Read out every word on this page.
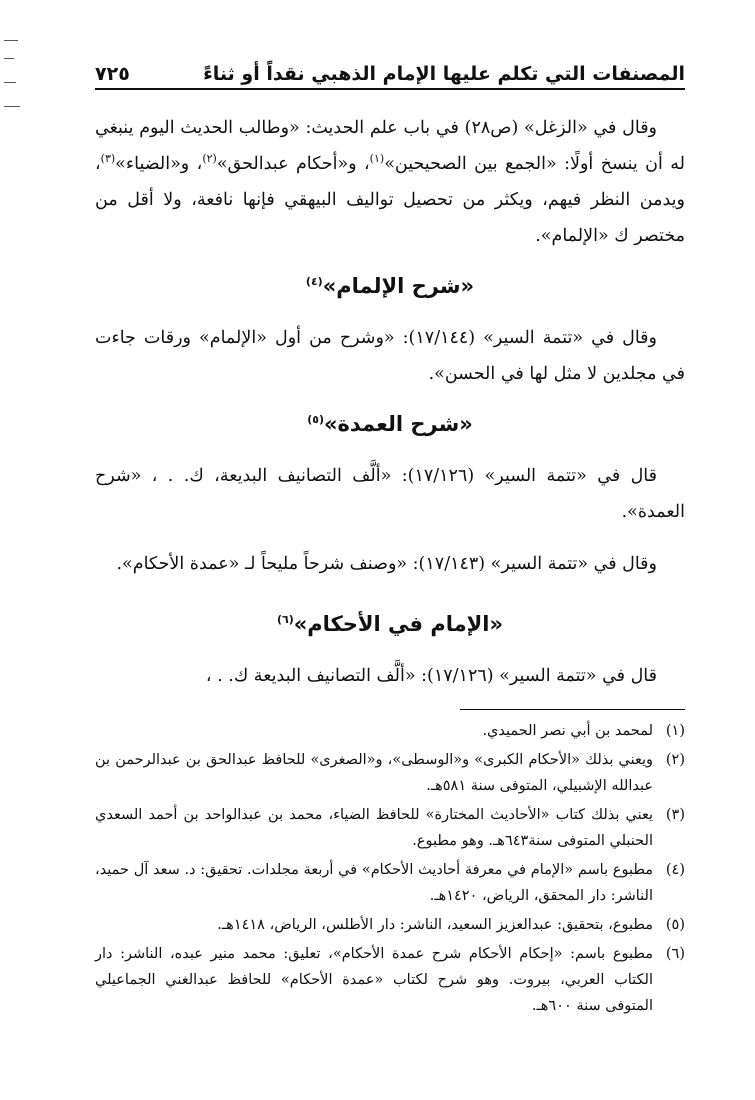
المصنفات التي تكلم عليها الإمام الذهبي نقداً أو ثناءً
٧٢٥

وقال في «الزغل» (ص٢٨) في باب علم الحديث: «وطالب الحديث اليوم ينبغي له أن ينسخ أولًا: «الجمع بين الصحيحين»$^{(١)}$، و«أحكام عبدالحق»$^{(٢)}$، و«الضياء»$^{(٣)}$، ويدمن النظر فيهم، ويكثر من تحصيل تواليف البيهقي فإنها نافعة، ولا أقل من مختصر ك «الإلمام».

«شرح الإلمام»$^{(٤)}$

وقال في «تتمة السير» (١٧/١٤٤): «وشرح من أول «الإلمام» ورقات جاءت في مجلدين لا مثل لها في الحسن».

«شرح العمدة»$^{(٥)}$

قال في «تتمة السير» (١٧/١٢٦): «ألَّف التصانيف البديعة، ك. . ، «شرح العمدة».

وقال في «تتمة السير» (١٧/١٤٣): «وصنف شرحاً مليحاً لـ «عمدة الأحكام».

«الإمام في الأحكام»$^{(٦)}$

قال في «تتمة السير» (١٧/١٢٦): «ألَّف التصانيف البديعة ك. . ،

(١)
لمحمد بن أبي نصر الحميدي.
(٢)
ويعني بذلك «الأحكام الكبرى» و«الوسطى»، و«الصغرى» للحافظ عبدالحق بن عبدالرحمن بن عبدالله الإشبيلي، المتوفى سنة ٥٨١هـ.
(٣)
يعني بذلك كتاب «الأحاديث المختارة» للحافظ الضياء، محمد بن عبدالواحد بن أحمد السعدي الحنبلي المتوفى سنة٦٤٣هـ. وهو مطبوع.
(٤)
مطبوع باسم «الإمام في معرفة أحاديث الأحكام» في أربعة مجلدات. تحقيق: د. سعد آل حميد، الناشر: دار المحقق، الرياض، ١٤٢٠هـ.
(٥)
مطبوع، بتحقيق: عبدالعزيز السعيد، الناشر: دار الأطلس، الرياض، ١٤١٨هـ.
(٦)
مطبوع باسم: «إحكام الأحكام شرح عمدة الأحكام»، تعليق: محمد منير عبده، الناشر: دار الكتاب العربي، بيروت. وهو شرح لكتاب «عمدة الأحكام» للحافظ عبدالغني الجماعيلي المتوفى سنة ٦٠٠هـ.
